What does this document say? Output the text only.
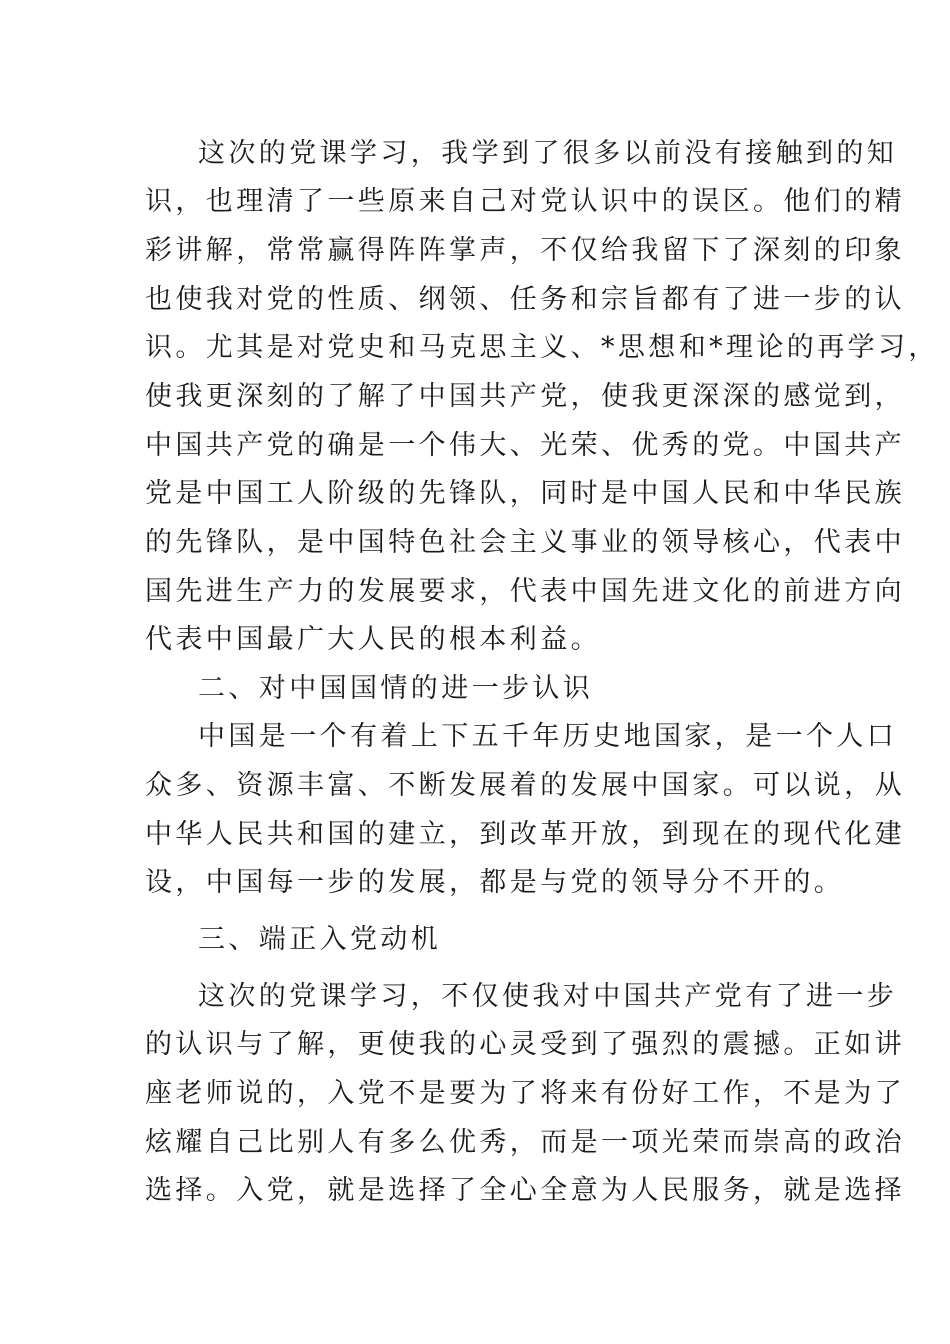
这次的党课学习，我学到了很多以前没有接触到的知
识，也理清了一些原来自己对党认识中的误区。他们的精
彩讲解，常常赢得阵阵掌声，不仅给我留下了深刻的印象
也使我对党的性质、纲领、任务和宗旨都有了进一步的认
识。尤其是对党史和马克思主义、*思想和*理论的再学习，
使我更深刻的了解了中国共产党，使我更深深的感觉到，
中国共产党的确是一个伟大、光荣、优秀的党。中国共产
党是中国工人阶级的先锋队，同时是中国人民和中华民族
的先锋队，是中国特色社会主义事业的领导核心，代表中
国先进生产力的发展要求，代表中国先进文化的前进方向
代表中国最广大人民的根本利益。
二、对中国国情的进一步认识
中国是一个有着上下五千年历史地国家，是一个人口
众多、资源丰富、不断发展着的发展中国家。可以说，从
中华人民共和国的建立，到改革开放，到现在的现代化建
设，中国每一步的发展，都是与党的领导分不开的。
三、端正入党动机
这次的党课学习，不仅使我对中国共产党有了进一步
的认识与了解，更使我的心灵受到了强烈的震撼。正如讲
座老师说的，入党不是要为了将来有份好工作，不是为了
炫耀自己比别人有多么优秀，而是一项光荣而崇高的政治
选择。入党，就是选择了全心全意为人民服务，就是选择
